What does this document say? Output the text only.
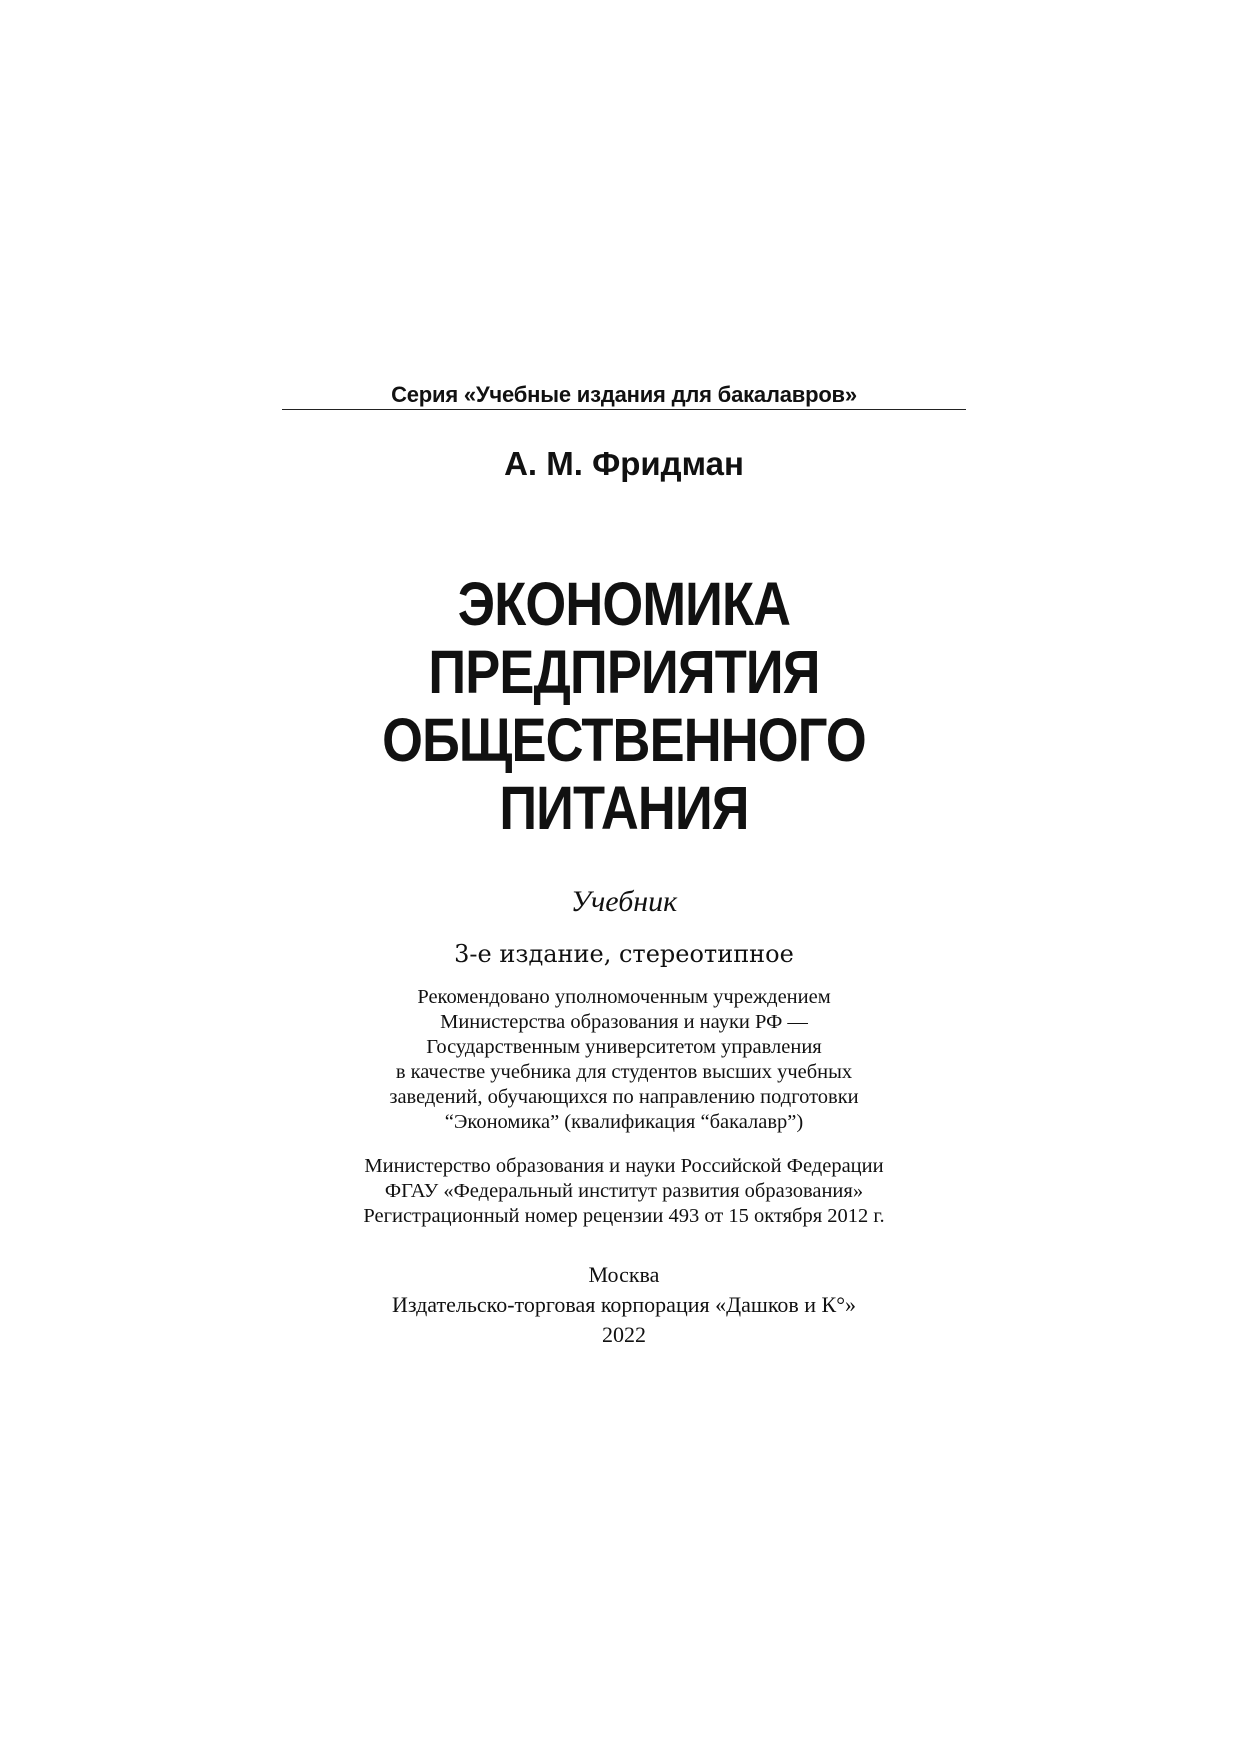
Серия «Учебные издания для бакалавров»
А. М. Фридман
ЭКОНОМИКА
ПРЕДПРИЯТИЯ
ОБЩЕСТВЕННОГО
ПИТАНИЯ
Учебник
3-е издание, стереотипное
Рекомендовано уполномоченным учреждением
Министерства образования и науки РФ —
Государственным университетом управления
в качестве учебника для студентов высших учебных
заведений, обучающихся по направлению подготовки
“Экономика” (квалификация “бакалавр”)
Министерство образования и науки Российской Федерации
ФГАУ «Федеральный институт развития образования»
Регистрационный номер рецензии 493 от 15 октября 2012 г.
Москва
Издательско-торговая корпорация «Дашков и К°»
2022
